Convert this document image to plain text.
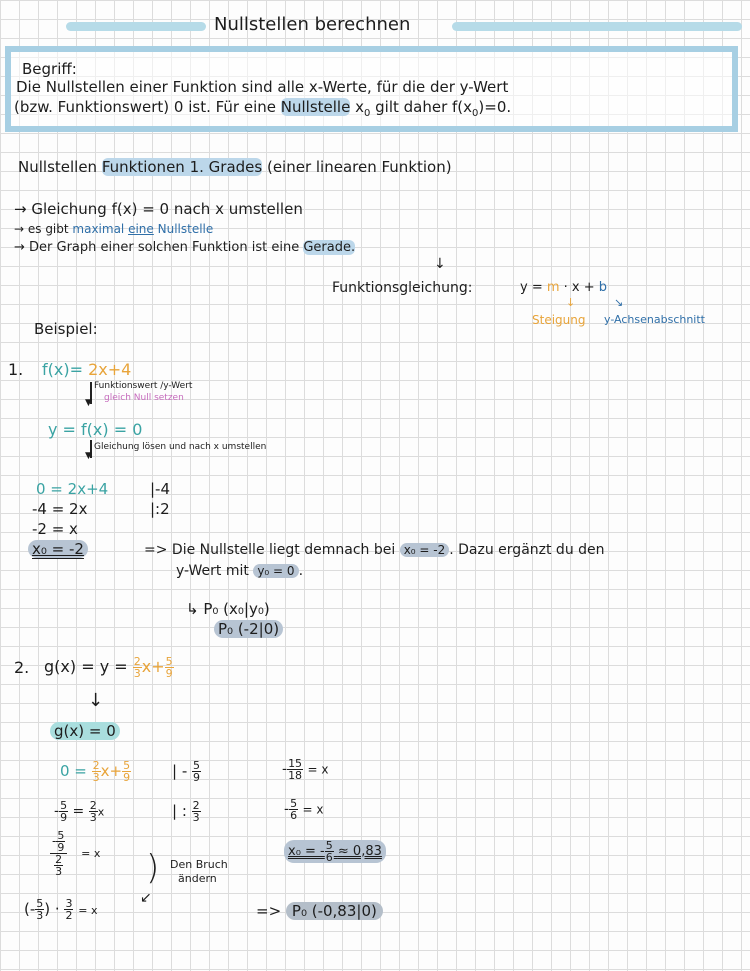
Nullstellen berechnen
Begriff:
Die Nullstellen einer Funktion sind alle x-Werte, für die der y-Wert
(bzw. Funktionswert) 0 ist. Für eine Nullstelle $x_0$ gilt daher $f(x_0)=0$.
Nullstellen Funktionen 1. Grades (einer linearen Funktion)
→ Gleichung f(x) = 0 nach x umstellen
→ es gibt maximal eine Nullstelle
→ Der Graph einer solchen Funktion ist eine Gerade.
↓
Funktionsgleichung:	y = m · x + b
↓	↘
Steigung y-Achsenabschnitt
Beispiel:
1. f(x)= 2x+4
▼
Funktionswert /y-Wert
gleich Null setzen
y = f(x) = 0
▼
Gleichung lösen und nach x umstellen
0 = 2x+4	|-4
-4 = 2x	|:2
-2 = x
x₀ = -2	=> Die Nullstelle liegt demnach bei x₀ = -2 . Dazu ergänzt du den
y-Wert mit y₀ = 0 .
↳ P₀ (x₀|y₀)
P₀ (-2|0)
2. $g(x) = y = \frac{2}{3} x+ \frac{5}{9}$
↓
g(x) = 0
$0 = \frac{2}{3} x+ \frac{5}{9}$	| - $\frac{5}{9}$
- $\frac{5}{9} = \frac{2}{3}$ x	| : $\frac{2}{3}$
$\frac{- \frac{5}{9}}{\frac{2}{3}} = x$
(- $\frac{5}{3}$ ) · $\frac{3}{2} = x$
)
↙
Den Bruch
ändern
- $\frac{15}{18} = x$
- $\frac{5}{6} = x$
x₀ = - $\frac{5}{6} \approx 0,83$
=> P₀ (-0,83|0)
